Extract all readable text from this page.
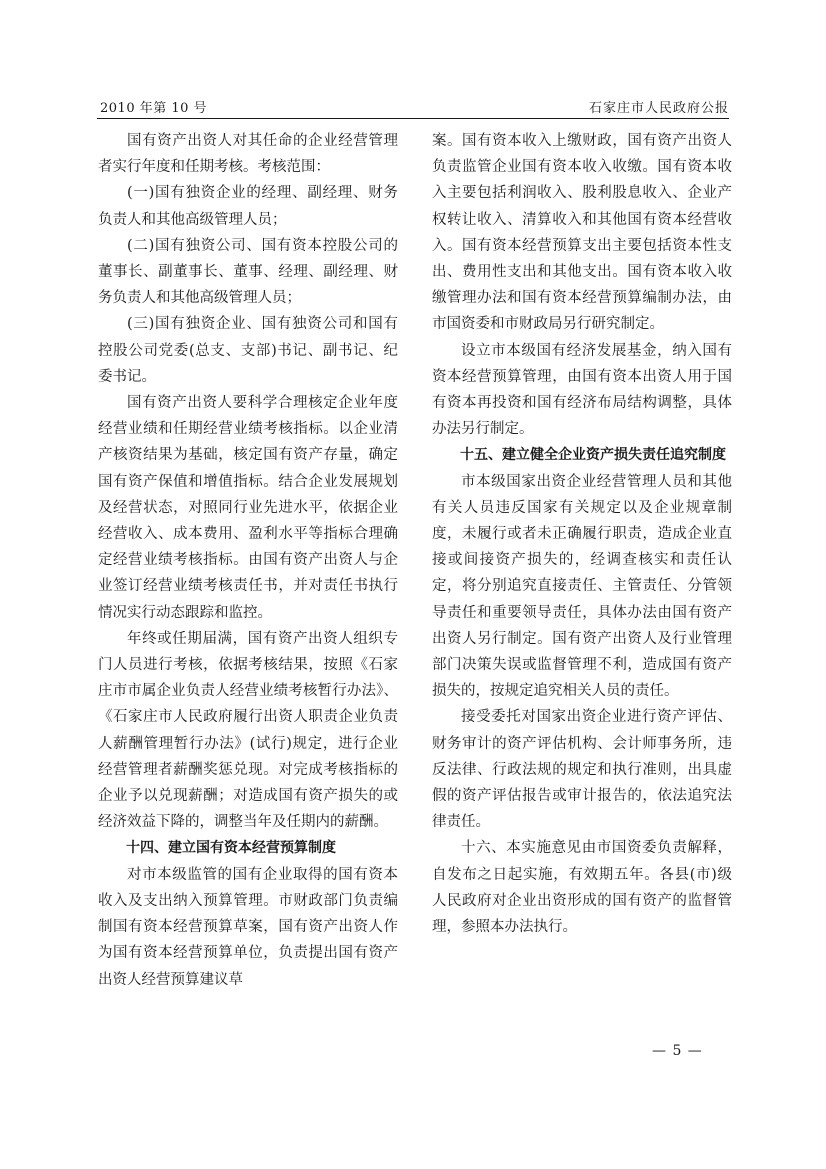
2010 年第 10 号	石家庄市人民政府公报

国有资产出资人对其任命的企业经营管理者实行年度和任期考核。考核范围：

(一)国有独资企业的经理、副经理、财务负责人和其他高级管理人员；

(二)国有独资公司、国有资本控股公司的董事长、副董事长、董事、经理、副经理、财务负责人和其他高级管理人员；

(三)国有独资企业、国有独资公司和国有控股公司党委(总支、支部)书记、副书记、纪委书记。

国有资产出资人要科学合理核定企业年度经营业绩和任期经营业绩考核指标。以企业清产核资结果为基础，核定国有资产存量，确定国有资产保值和增值指标。结合企业发展规划及经营状态，对照同行业先进水平，依据企业经营收入、成本费用、盈利水平等指标合理确定经营业绩考核指标。由国有资产出资人与企业签订经营业绩考核责任书，并对责任书执行情况实行动态跟踪和监控。

年终或任期届满，国有资产出资人组织专门人员进行考核，依据考核结果，按照《石家庄市市属企业负责人经营业绩考核暂行办法》、《石家庄市人民政府履行出资人职责企业负责人薪酬管理暂行办法》(试行)规定，进行企业经营管理者薪酬奖惩兑现。对完成考核指标的企业予以兑现薪酬；对造成国有资产损失的或经济效益下降的，调整当年及任期内的薪酬。

十四、建立国有资本经营预算制度

对市本级监管的国有企业取得的国有资本收入及支出纳入预算管理。市财政部门负责编制国有资本经营预算草案，国有资产出资人作为国有资本经营预算单位，负责提出国有资产出资人经营预算建议草

案。国有资本收入上缴财政，国有资产出资人负责监管企业国有资本收入收缴。国有资本收入主要包括利润收入、股利股息收入、企业产权转让收入、清算收入和其他国有资本经营收入。国有资本经营预算支出主要包括资本性支出、费用性支出和其他支出。国有资本收入收缴管理办法和国有资本经营预算编制办法，由市国资委和市财政局另行研究制定。

设立市本级国有经济发展基金，纳入国有资本经营预算管理，由国有资本出资人用于国有资本再投资和国有经济布局结构调整，具体办法另行制定。

十五、建立健全企业资产损失责任追究制度

市本级国家出资企业经营管理人员和其他有关人员违反国家有关规定以及企业规章制度，未履行或者未正确履行职责，造成企业直接或间接资产损失的，经调查核实和责任认定，将分别追究直接责任、主管责任、分管领导责任和重要领导责任，具体办法由国有资产出资人另行制定。国有资产出资人及行业管理部门决策失误或监督管理不利，造成国有资产损失的，按规定追究相关人员的责任。

接受委托对国家出资企业进行资产评估、财务审计的资产评估机构、会计师事务所，违反法律、行政法规的规定和执行准则，出具虚假的资产评估报告或审计报告的，依法追究法律责任。

十六、本实施意见由市国资委负责解释，自发布之日起实施，有效期五年。各县(市)级人民政府对企业出资形成的国有资产的监督管理，参照本办法执行。

— 5 —
